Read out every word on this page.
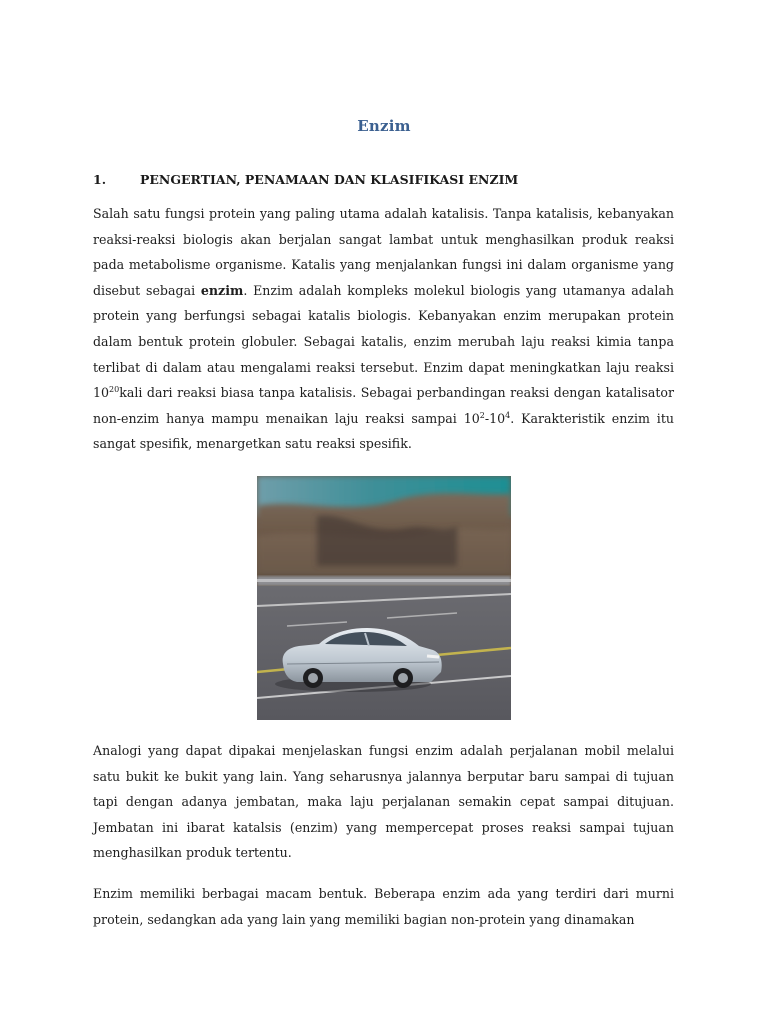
Enzim
1.	PENGERTIAN, PENAMAAN DAN KLASIFIKASI ENZIM

Salah satu fungsi protein yang paling utama adalah katalisis. Tanpa katalisis, kebanyakan reaksi-reaksi biologis akan berjalan sangat lambat untuk menghasilkan produk reaksi pada metabolisme organisme. Katalis yang menjalankan fungsi ini dalam organisme yang disebut sebagai enzim. Enzim adalah kompleks molekul biologis yang utamanya adalah protein yang berfungsi sebagai katalis biologis. Kebanyakan enzim merupakan protein dalam bentuk protein globuler. Sebagai katalis, enzim merubah laju reaksi kimia tanpa terlibat di dalam atau mengalami reaksi tersebut. Enzim dapat meningkatkan laju reaksi $10^{20}kali$ dari reaksi biasa tanpa katalisis. Sebagai perbandingan reaksi dengan katalisator non-enzim hanya mampu menaikan laju reaksi sampai $10^2-10^4$. Karakteristik enzim itu sangat spesifik, menargetkan satu reaksi spesifik.

Analogi yang dapat dipakai menjelaskan fungsi enzim adalah perjalanan mobil melalui satu bukit ke bukit yang lain. Yang seharusnya jalannya berputar baru sampai di tujuan tapi dengan adanya jembatan, maka laju perjalanan semakin cepat sampai ditujuan. Jembatan ini ibarat katalsis (enzim) yang mempercepat proses reaksi sampai tujuan menghasilkan produk tertentu.

Enzim memiliki berbagai macam bentuk. Beberapa enzim ada yang terdiri dari murni protein, sedangkan ada yang lain yang memiliki bagian non-protein yang dinamakan
